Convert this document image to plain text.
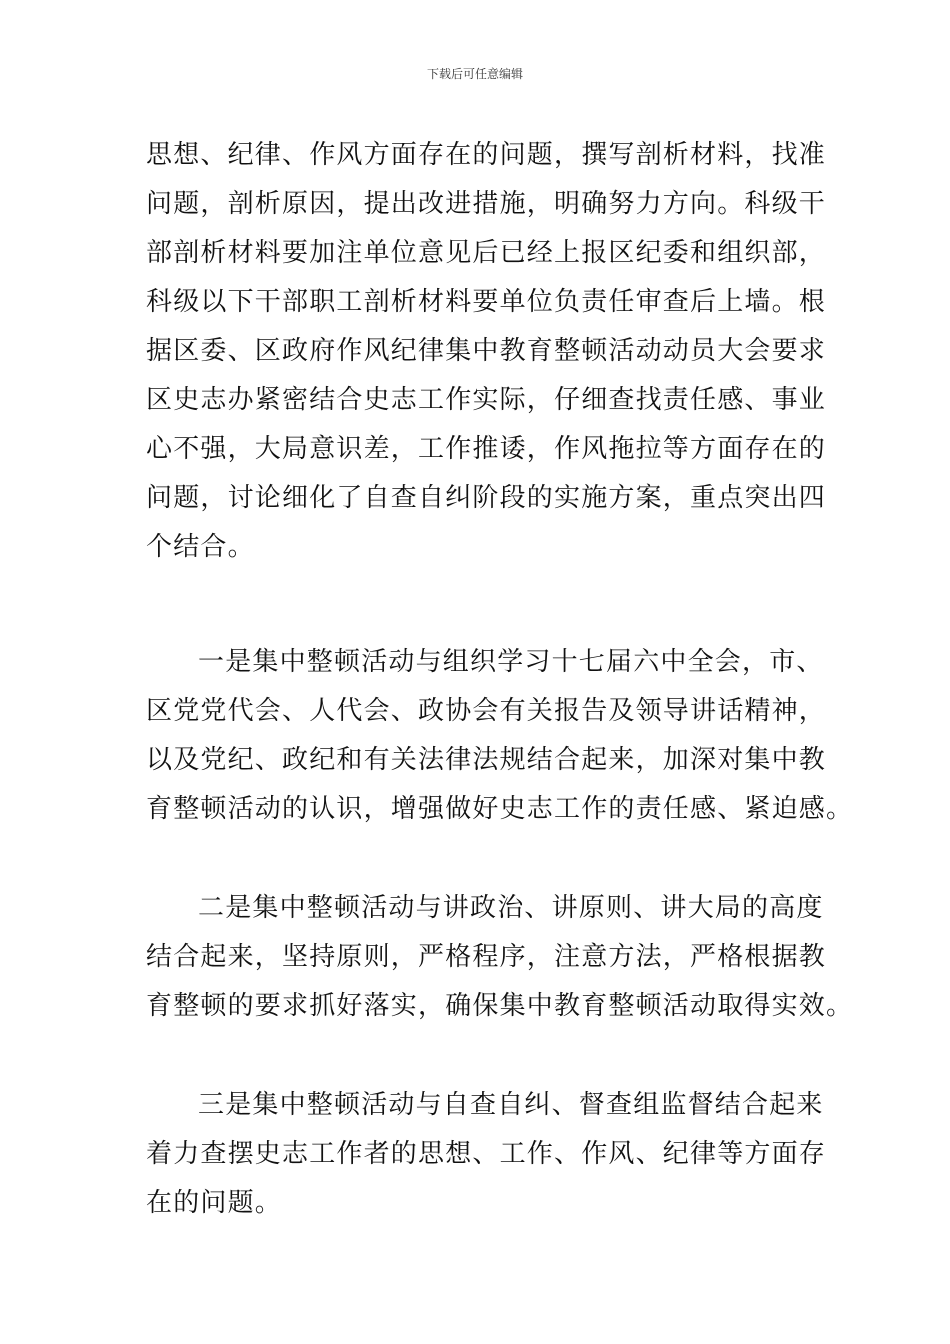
下载后可任意编辑
思想、纪律、作风方面存在的问题，撰写剖析材料，找准
问题，剖析原因，提出改进措施，明确努力方向。科级干
部剖析材料要加注单位意见后已经上报区纪委和组织部，
科级以下干部职工剖析材料要单位负责任审查后上墙。根
据区委、区政府作风纪律集中教育整顿活动动员大会要求
区史志办紧密结合史志工作实际，仔细查找责任感、事业
心不强，大局意识差，工作推诿，作风拖拉等方面存在的
问题，讨论细化了自查自纠阶段的实施方案，重点突出四
个结合。
一是集中整顿活动与组织学习十七届六中全会，市、
区党党代会、人代会、政协会有关报告及领导讲话精神，
以及党纪、政纪和有关法律法规结合起来，加深对集中教
育整顿活动的认识，增强做好史志工作的责任感、紧迫感。
二是集中整顿活动与讲政治、讲原则、讲大局的高度
结合起来，坚持原则，严格程序，注意方法，严格根据教
育整顿的要求抓好落实，确保集中教育整顿活动取得实效。
三是集中整顿活动与自查自纠、督查组监督结合起来
着力查摆史志工作者的思想、工作、作风、纪律等方面存
在的问题。
